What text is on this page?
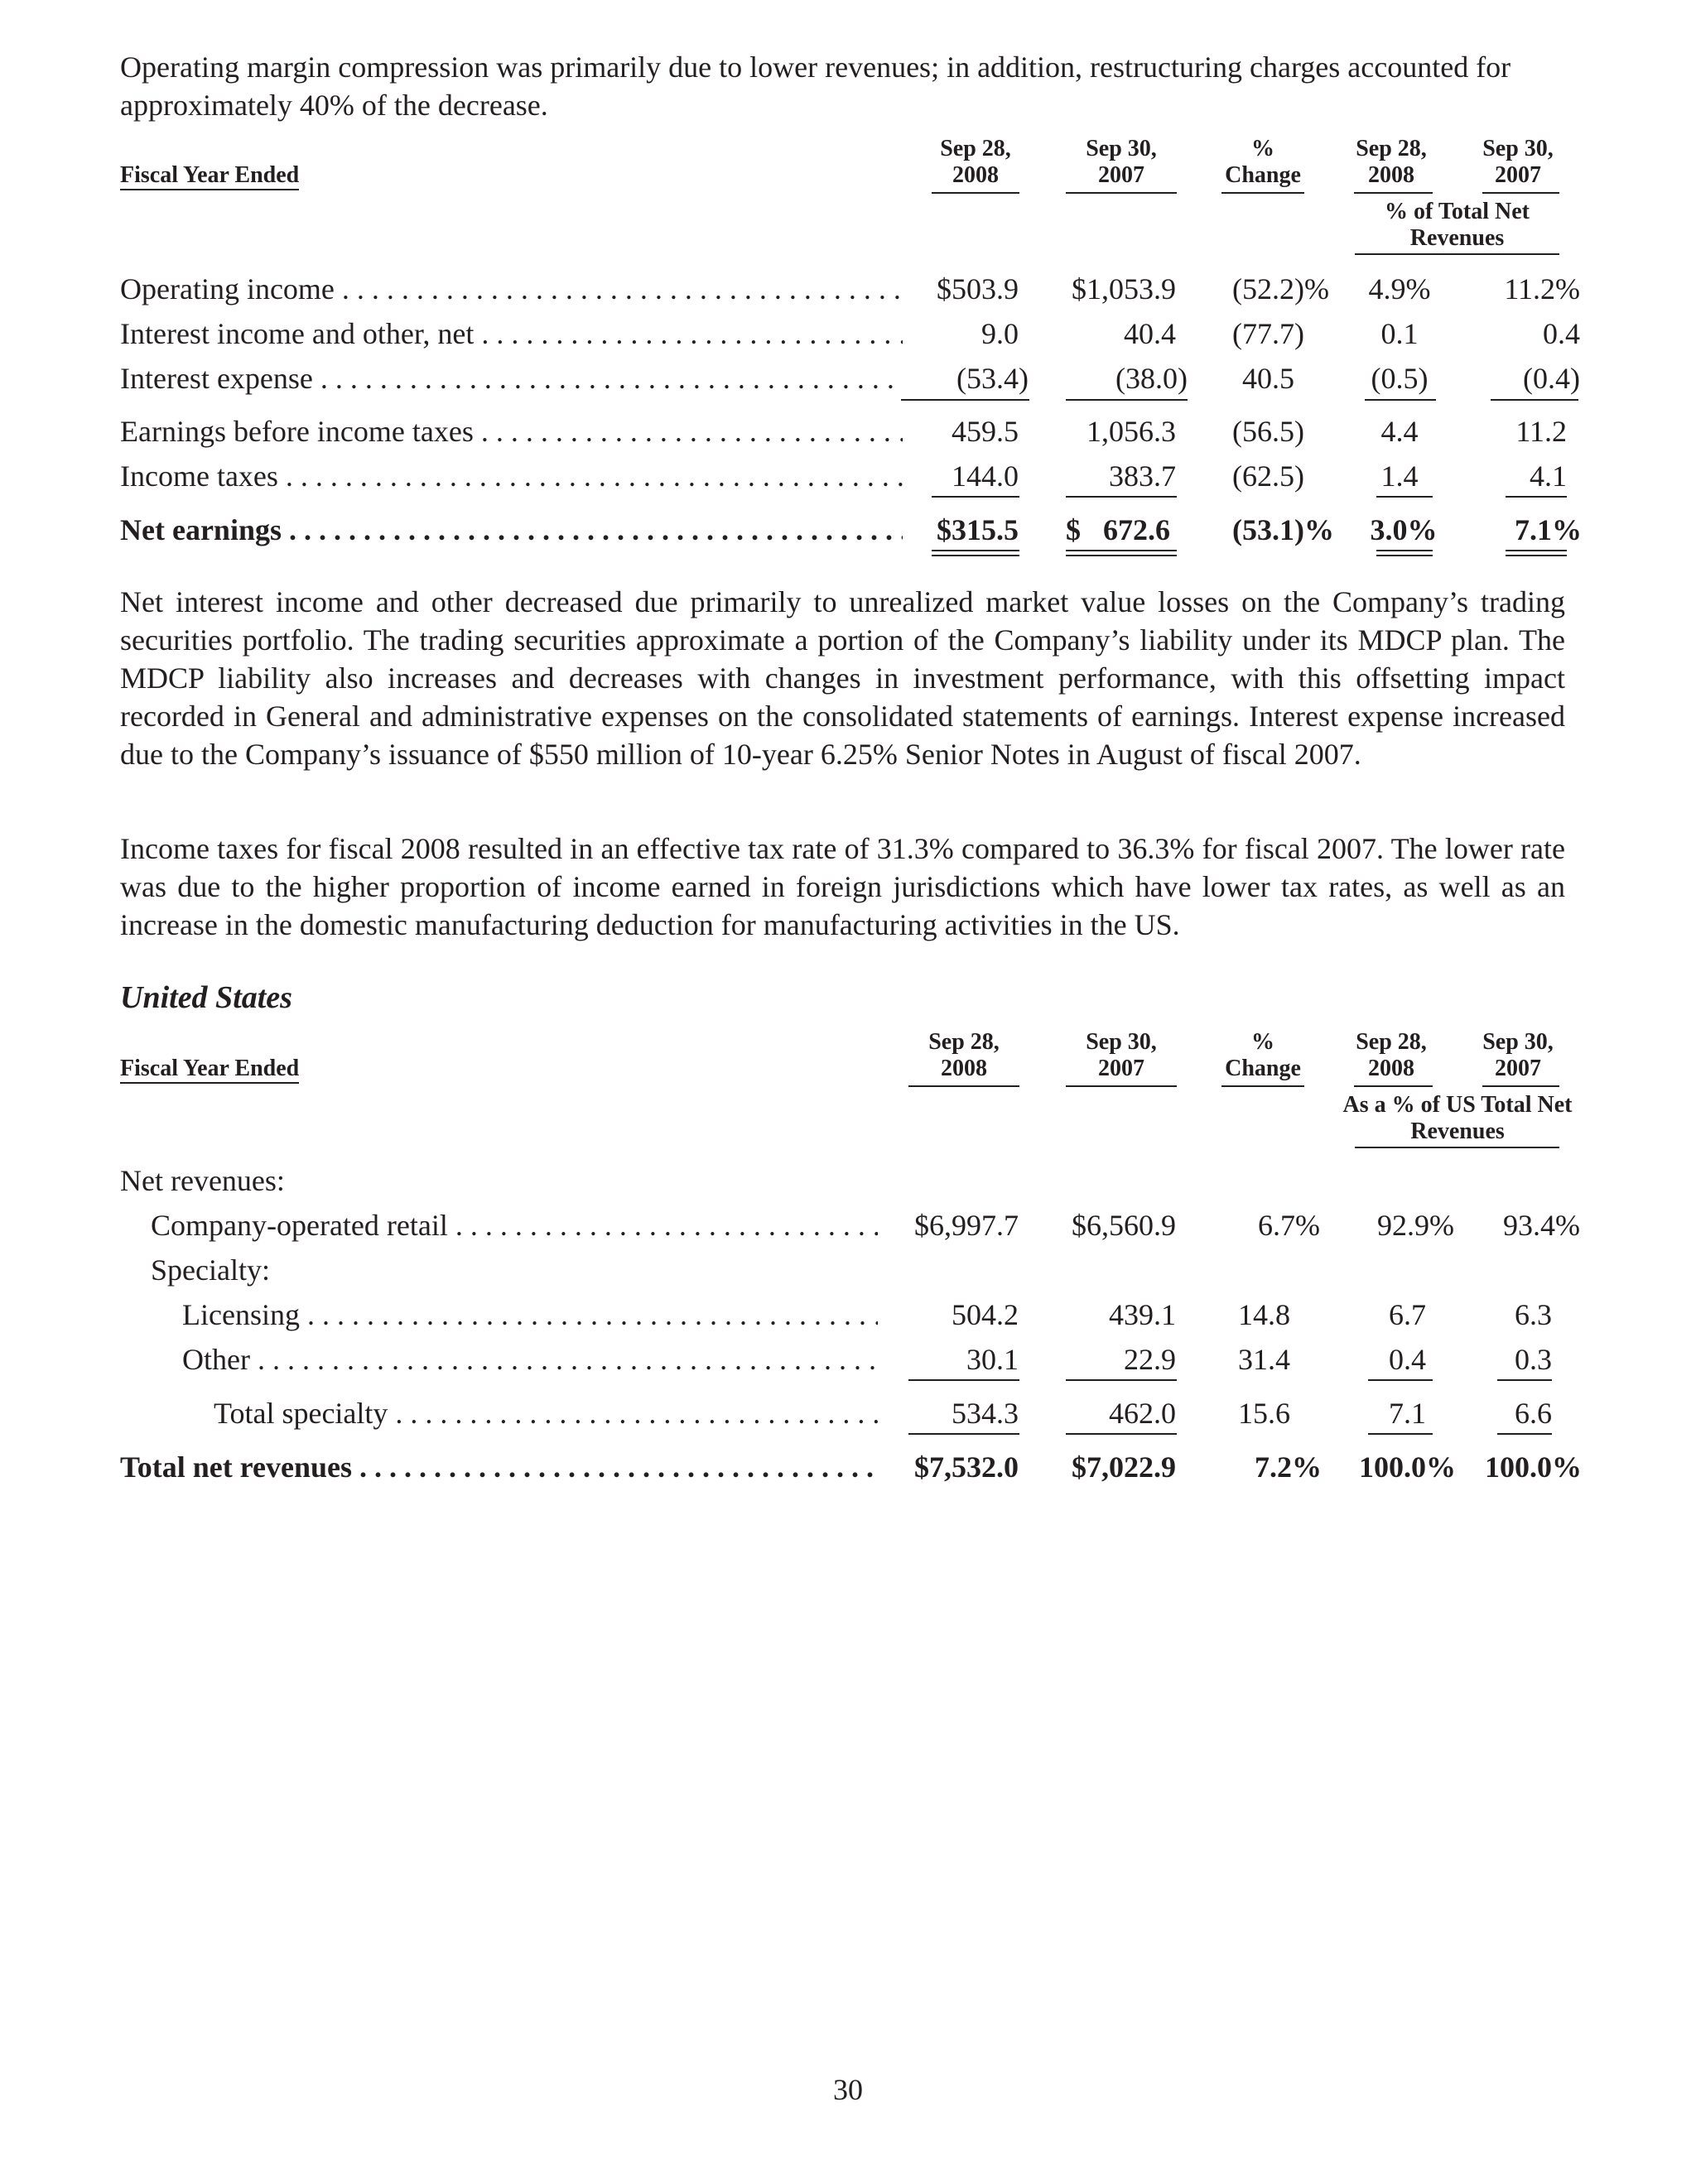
Operating margin compression was primarily due to lower revenues; in addition, restructuring charges accounted for approximately 40% of the decrease.
Fiscal Year Ended
Sep 28, 2008
Sep 30, 2007
% Change
Sep 28, 2008
Sep 30, 2007
% of Total Net Revenues
Operating income . . .	$503.9	$1,053.9 (52.2)%	4.9%	11.2%
Interest income and other, net . . .	9.0	40.4 (77.7)	0.1	0.4
Interest expense . . .	(53.4)	(38.0) 40.5	(0.5)	(0.4)
Earnings before income taxes . . .	459.5	1,056.3 (56.5)	4.4	11.2
Income taxes . . .	144.0	383.7 (62.5)	1.4	4.1
Net earnings . . .	$315.5 $   672.6	(53.1)%	3.0%	7.1%
Net interest income and other decreased due primarily to unrealized market value losses on the Company’s trading securities portfolio. The trading securities approximate a portion of the Company’s liability under its MDCP plan. The MDCP liability also increases and decreases with changes in investment performance, with this offsetting impact recorded in General and administrative expenses on the consolidated statements of earnings. Interest expense increased due to the Company’s issuance of $550 million of 10-year 6.25% Senior Notes in August of fiscal 2007.
Income taxes for fiscal 2008 resulted in an effective tax rate of 31.3% compared to 36.3% for fiscal 2007. The lower rate was due to the higher proportion of income earned in foreign jurisdictions which have lower tax rates, as well as an increase in the domestic manufacturing deduction for manufacturing activities in the US.
United States
Fiscal Year Ended
Sep 28, 2008
Sep 30, 2007
% Change
Sep 28, 2008
Sep 30, 2007
As a % of US Total Net Revenues
Net revenues:
Company-operated retail . . .	$6,997.7	$6,560.9	6.7%	92.9%	93.4%
Specialty:
Licensing . . .	504.2	439.1 14.8	6.7	6.3
Other . . .	30.1	22.9 31.4	0.4	0.3
Total specialty . . .	534.3	462.0 15.6	7.1	6.6
Total net revenues . . .	$7,532.0	$7,022.9	7.2%	100.0% 100.0%
30
